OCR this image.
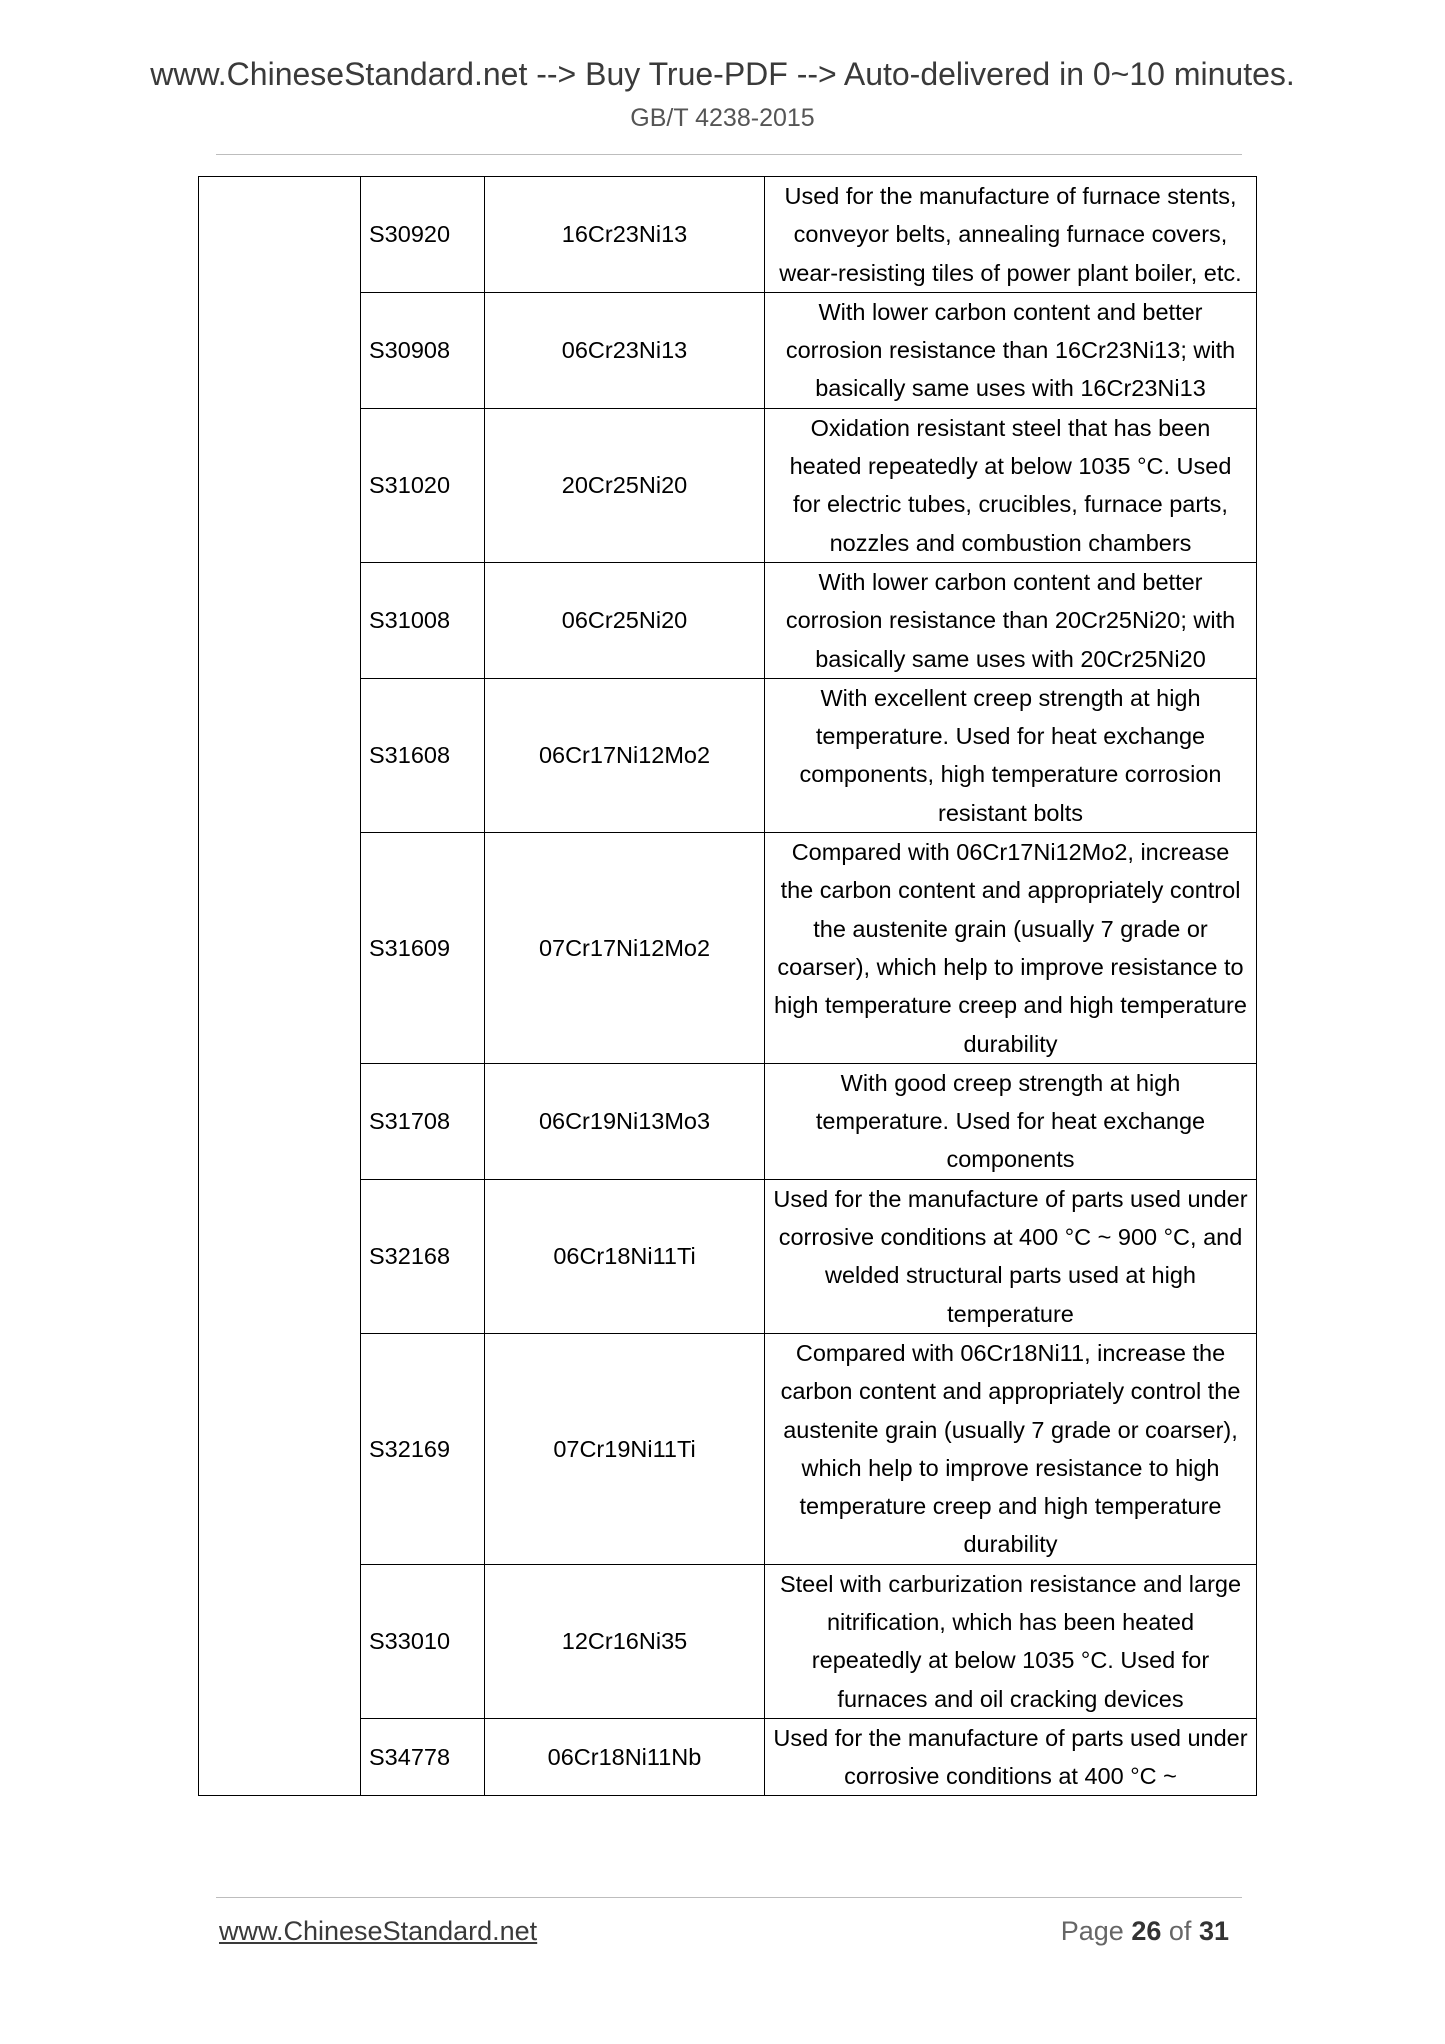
www.ChineseStandard.net --> Buy True-PDF --> Auto-delivered in 0~10 minutes.
GB/T 4238-2015
	S30920	16Cr23Ni13	Used for the manufacture of furnace stents, conveyor belts, annealing furnace covers, wear-resisting tiles of power plant boiler, etc.
	S30908	06Cr23Ni13	With lower carbon content and better corrosion resistance than 16Cr23Ni13; with basically same uses with 16Cr23Ni13
	S31020	20Cr25Ni20	Oxidation resistant steel that has been heated repeatedly at below 1035 °C. Used for electric tubes, crucibles, furnace parts, nozzles and combustion chambers
	S31008	06Cr25Ni20	With lower carbon content and better corrosion resistance than 20Cr25Ni20; with basically same uses with 20Cr25Ni20
	S31608	06Cr17Ni12Mo2	With excellent creep strength at high temperature. Used for heat exchange components, high temperature corrosion resistant bolts
	S31609	07Cr17Ni12Mo2	Compared with 06Cr17Ni12Mo2, increase the carbon content and appropriately control the austenite grain (usually 7 grade or coarser), which help to improve resistance to high temperature creep and high temperature durability
	S31708	06Cr19Ni13Mo3	With good creep strength at high temperature. Used for heat exchange components
	S32168	06Cr18Ni11Ti	Used for the manufacture of parts used under corrosive conditions at 400 °C ~ 900 °C, and welded structural parts used at high temperature
	S32169	07Cr19Ni11Ti	Compared with 06Cr18Ni11, increase the carbon content and appropriately control the austenite grain (usually 7 grade or coarser), which help to improve resistance to high temperature creep and high temperature durability
	S33010	12Cr16Ni35	Steel with carburization resistance and large nitrification, which has been heated repeatedly at below 1035 °C. Used for furnaces and oil cracking devices
	S34778	06Cr18Ni11Nb	Used for the manufacture of parts used under corrosive conditions at 400 °C ~
www.ChineseStandard.net	Page 26 of 31
